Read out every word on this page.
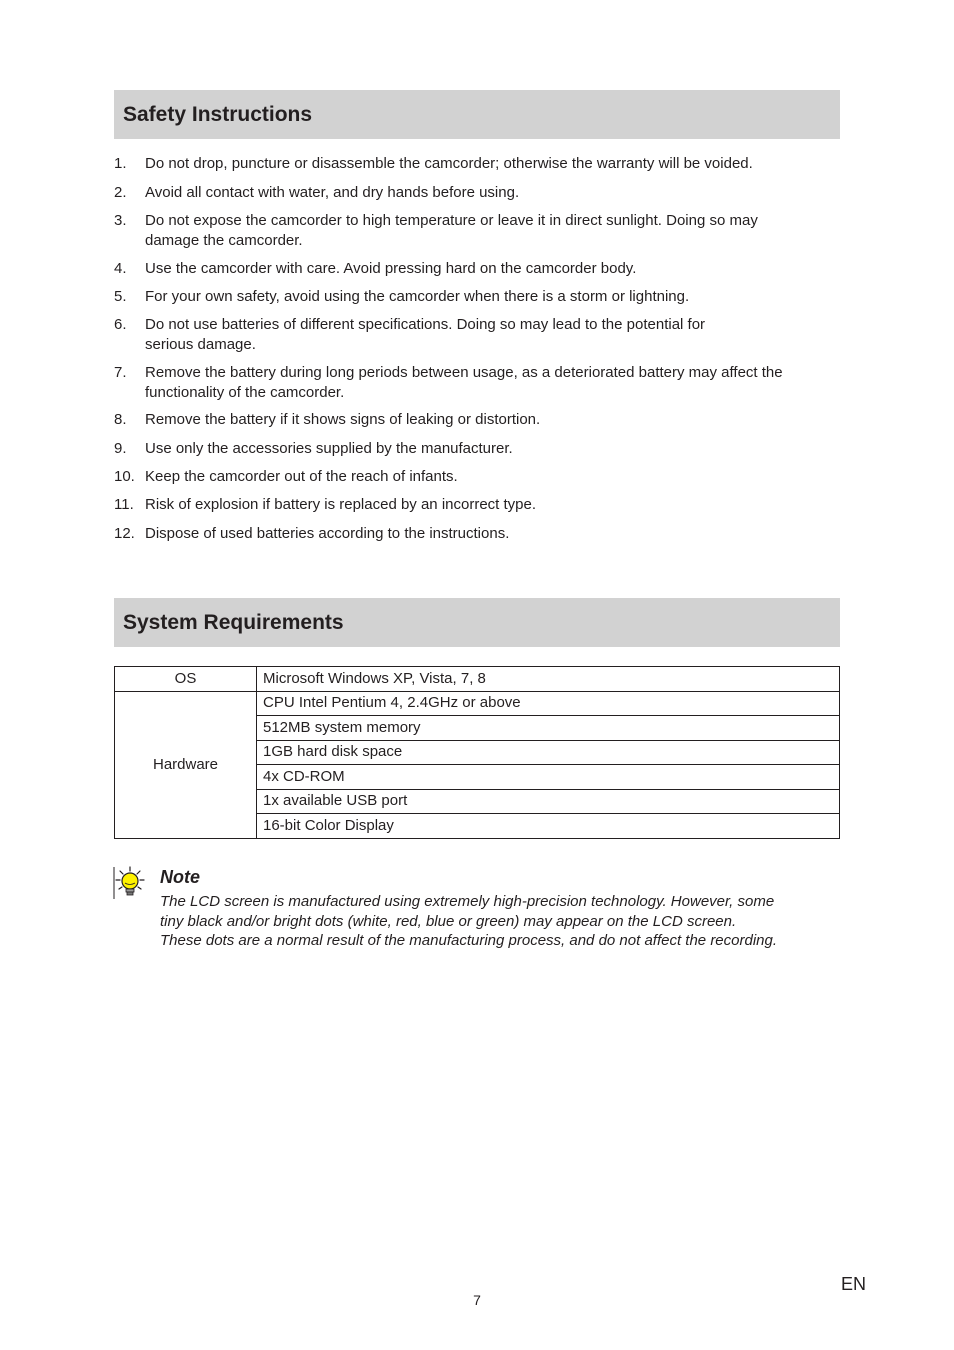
Safety Instructions
1. Do not drop, puncture or disassemble the camcorder; otherwise the warranty will be voided.
2. Avoid all contact with water, and dry hands before using.
3. Do not expose the camcorder to high temperature or leave it in direct sunlight. Doing so may
damage the camcorder.
4. Use the camcorder with care. Avoid pressing hard on the camcorder body.
5. For your own safety, avoid using the camcorder when there is a storm or lightning.
6. Do not use batteries of different specifications. Doing so may lead to the potential for
serious damage.
7. Remove the battery during long periods between usage, as a deteriorated battery may affect the
functionality of the camcorder.
8. Remove the battery if it shows signs of leaking or distortion.
9. Use only the accessories supplied by the manufacturer.
10. Keep the camcorder out of the reach of infants.
11. Risk of explosion if battery is replaced by an incorrect type.
12. Dispose of used batteries according to the instructions.
System Requirements
OS	Microsoft Windows XP, Vista, 7, 8
Hardware	CPU Intel Pentium 4, 2.4GHz or above
	512MB system memory
	1GB hard disk space
	4x CD-ROM
	1x available USB port
	16-bit Color Display
Note
The LCD screen is manufactured using extremely high-precision technology. However, some
tiny black and/or bright dots (white, red, blue or green) may appear on the LCD screen.
These dots are a normal result of the manufacturing process, and do not affect the recording.
7
EN
